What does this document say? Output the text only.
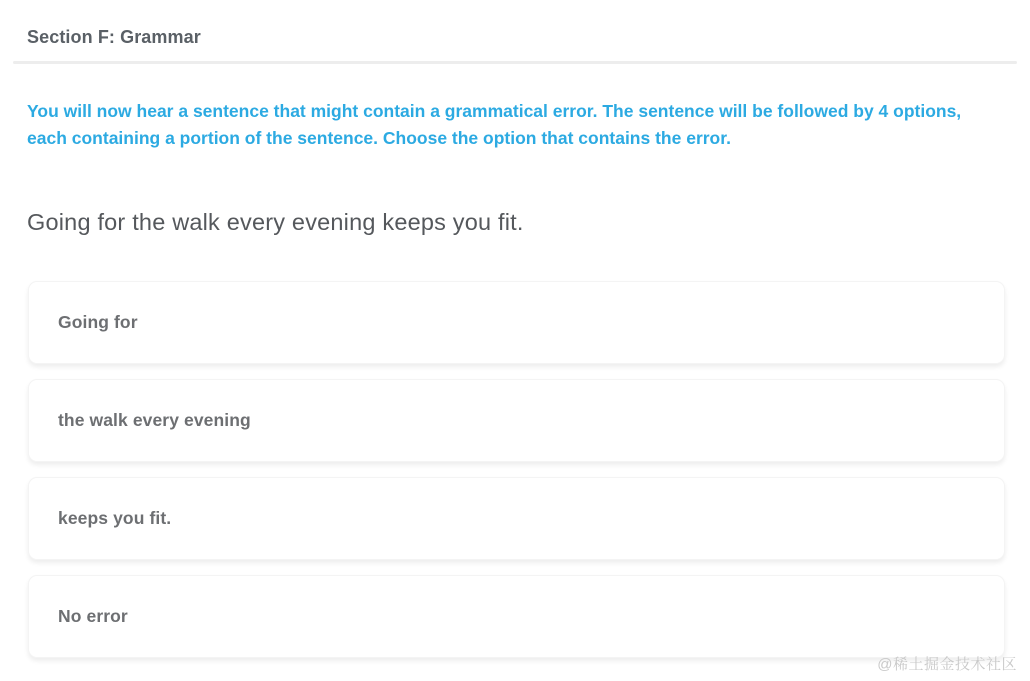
Section F: Grammar
You will now hear a sentence that might contain a grammatical error. The sentence will be followed by 4 options, each containing a portion of the sentence. Choose the option that contains the error.
Going for the walk every evening keeps you fit.
Going for
the walk every evening
keeps you fit.
No error
@稀土掘金技术社区
